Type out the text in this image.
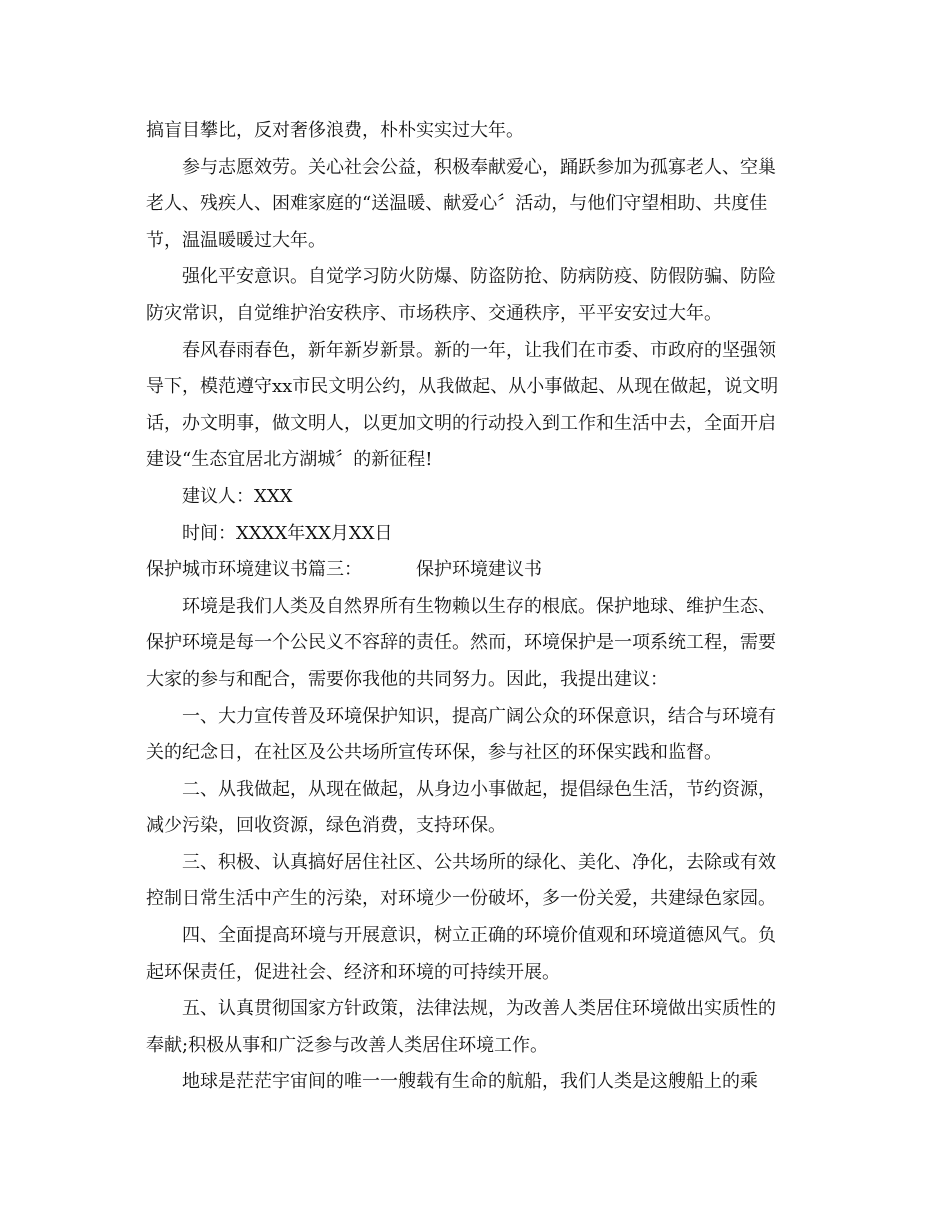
搞盲目攀比，反对奢侈浪费，朴朴实实过大年。
参与志愿效劳。关心社会公益，积极奉献爱心，踊跃参加为孤寡老人、空巢
老人、残疾人、困难家庭的“送温暖、献爱心〞活动，与他们守望相助、共度佳
节，温温暖暖过大年。
强化平安意识。自觉学习防火防爆、防盗防抢、防病防疫、防假防骗、防险
防灾常识，自觉维护治安秩序、市场秩序、交通秩序，平平安安过大年。
春风春雨春色，新年新岁新景。新的一年，让我们在市委、市政府的坚强领
导下，模范遵守xx市民文明公约，从我做起、从小事做起、从现在做起，说文明
话，办文明事，做文明人，以更加文明的行动投入到工作和生活中去，全面开启
建设“生态宜居北方湖城〞的新征程!
建议人：XXX
时间：XXXX年XX月XX日
保护城市环境建议书篇三：	保护环境建议书
环境是我们人类及自然界所有生物赖以生存的根底。保护地球、维护生态、
保护环境是每一个公民义不容辞的责任。然而，环境保护是一项系统工程，需要
大家的参与和配合，需要你我他的共同努力。因此，我提出建议：
一、大力宣传普及环境保护知识，提高广阔公众的环保意识，结合与环境有
关的纪念日，在社区及公共场所宣传环保，参与社区的环保实践和监督。
二、从我做起，从现在做起，从身边小事做起，提倡绿色生活，节约资源，
减少污染，回收资源，绿色消费，支持环保。
三、积极、认真搞好居住社区、公共场所的绿化、美化、净化，去除或有效
控制日常生活中产生的污染，对环境少一份破坏，多一份关爱，共建绿色家园。
四、全面提高环境与开展意识，树立正确的环境价值观和环境道德风气。负
起环保责任，促进社会、经济和环境的可持续开展。
五、认真贯彻国家方针政策，法律法规，为改善人类居住环境做出实质性的
奉献;积极从事和广泛参与改善人类居住环境工作。
地球是茫茫宇宙间的唯一一艘载有生命的航船，我们人类是这艘船上的乘
